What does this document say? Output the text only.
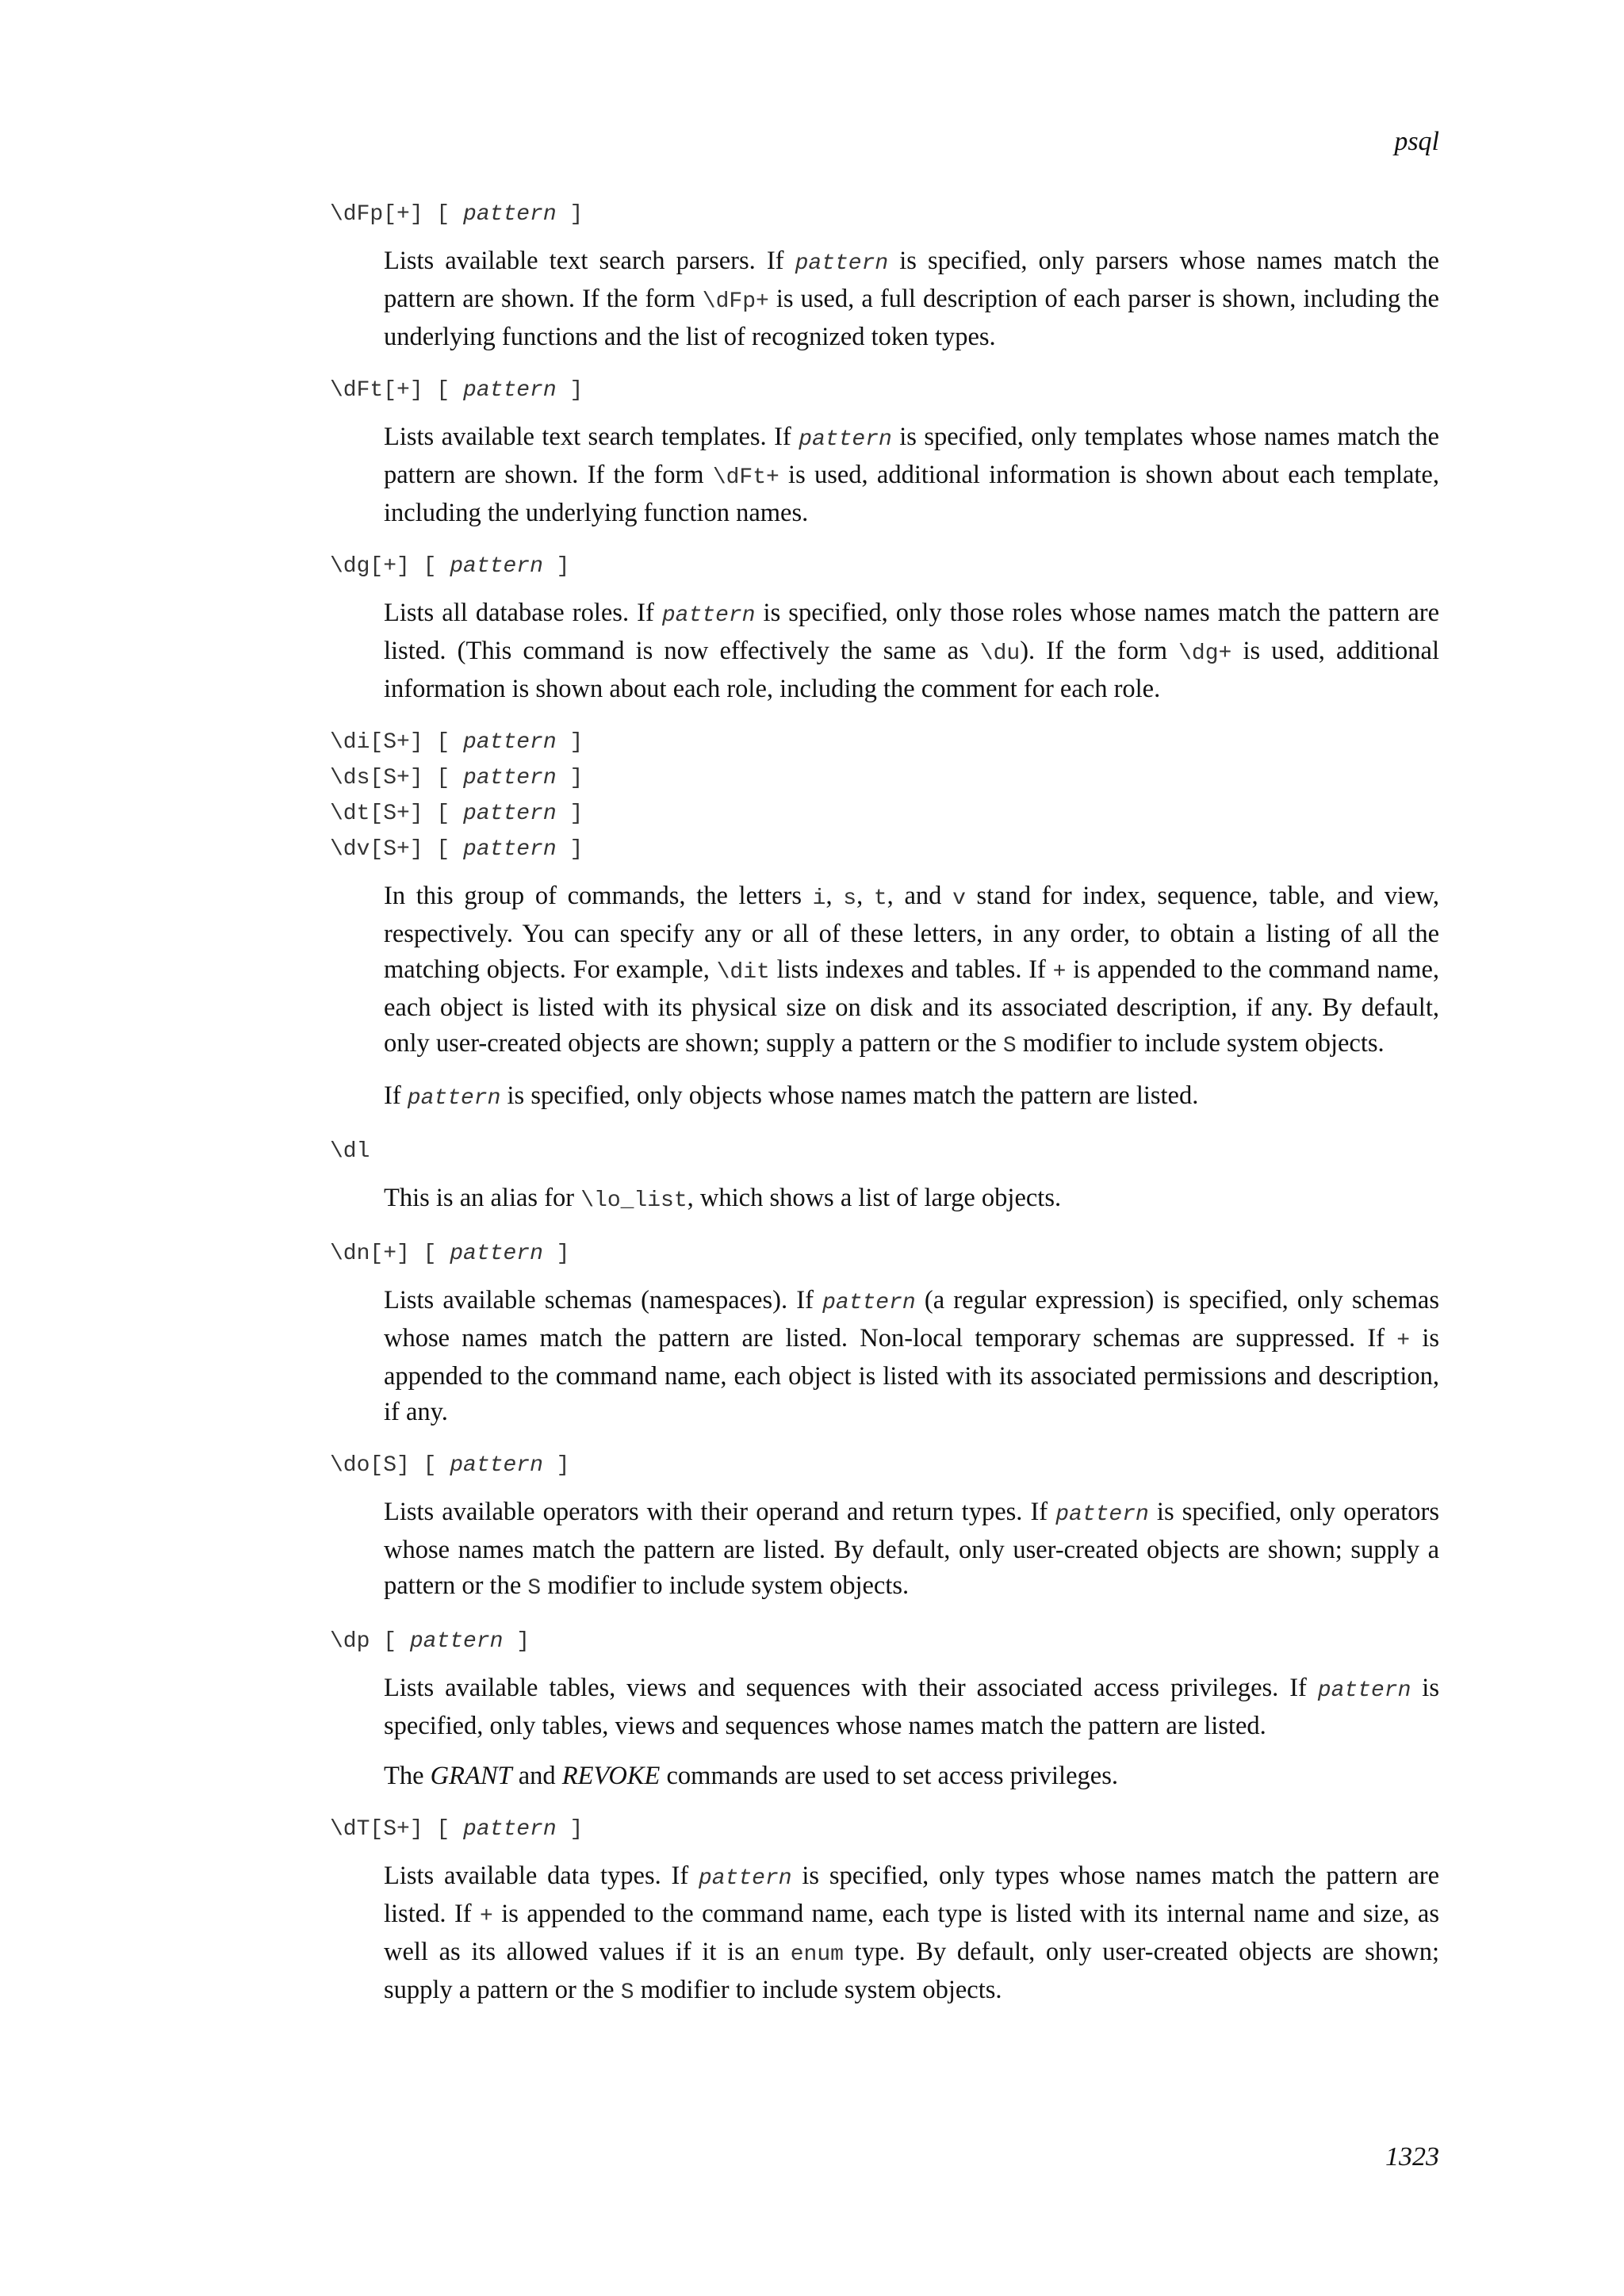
psql
\dFp[+] [ pattern ]

Lists available text search parsers. If pattern is specified, only parsers whose names match the pattern are shown. If the form \dFp+ is used, a full description of each parser is shown, including the underlying functions and the list of recognized token types.

\dFt[+] [ pattern ]

Lists available text search templates. If pattern is specified, only templates whose names match the pattern are shown. If the form \dFt+ is used, additional information is shown about each template, including the underlying function names.

\dg[+] [ pattern ]

Lists all database roles. If pattern is specified, only those roles whose names match the pattern are listed. (This command is now effectively the same as \du). If the form \dg+ is used, additional information is shown about each role, including the comment for each role.

\di[S+] [ pattern ]
\ds[S+] [ pattern ]
\dt[S+] [ pattern ]
\dv[S+] [ pattern ]

In this group of commands, the letters i, s, t, and v stand for index, sequence, table, and view, respectively. You can specify any or all of these letters, in any order, to obtain a listing of all the matching objects. For example, \dit lists indexes and tables. If + is appended to the command name, each object is listed with its physical size on disk and its associated description, if any. By default, only user-created objects are shown; supply a pattern or the S modifier to include system objects.

If pattern is specified, only objects whose names match the pattern are listed.

\dl

This is an alias for \lo_list, which shows a list of large objects.

\dn[+] [ pattern ]

Lists available schemas (namespaces). If pattern (a regular expression) is specified, only schemas whose names match the pattern are listed. Non-local temporary schemas are suppressed. If + is appended to the command name, each object is listed with its associated permissions and description, if any.

\do[S] [ pattern ]

Lists available operators with their operand and return types. If pattern is specified, only operators whose names match the pattern are listed. By default, only user-created objects are shown; supply a pattern or the S modifier to include system objects.

\dp [ pattern ]

Lists available tables, views and sequences with their associated access privileges. If pattern is specified, only tables, views and sequences whose names match the pattern are listed.

The GRANT and REVOKE commands are used to set access privileges.

\dT[S+] [ pattern ]

Lists available data types. If pattern is specified, only types whose names match the pattern are listed. If + is appended to the command name, each type is listed with its internal name and size, as well as its allowed values if it is an enum type. By default, only user-created objects are shown; supply a pattern or the S modifier to include system objects.

1323
